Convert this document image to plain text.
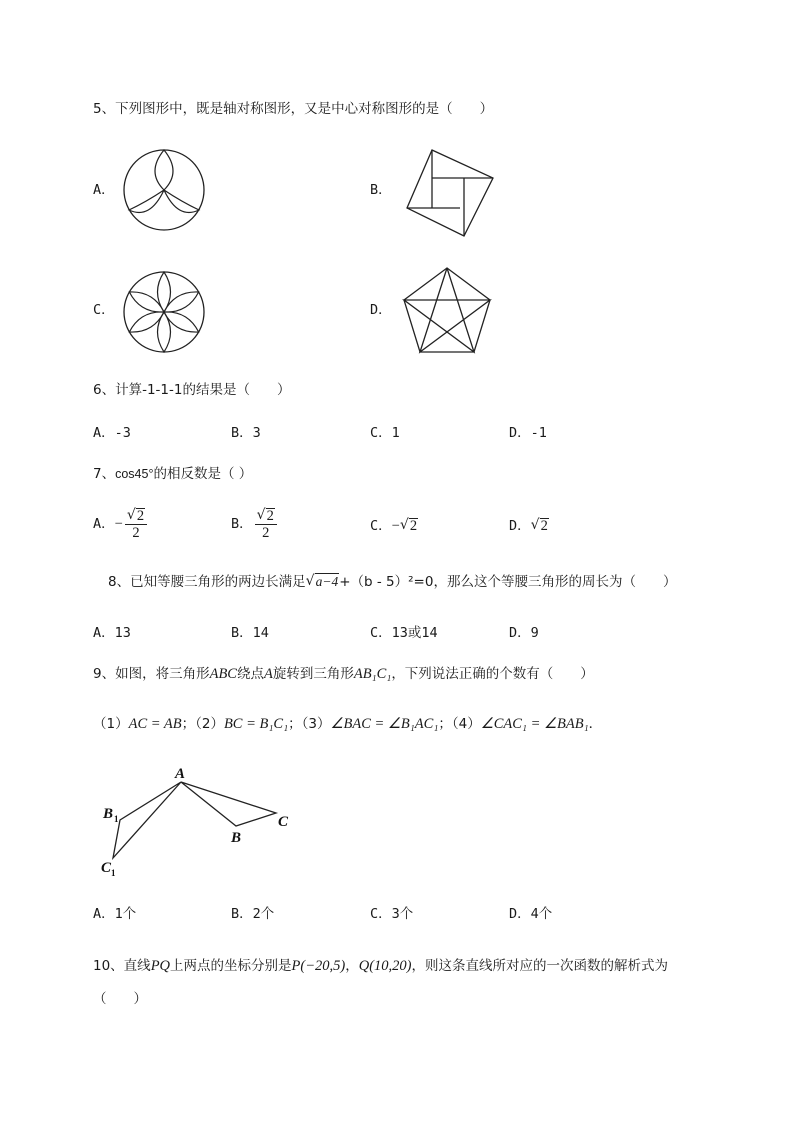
5、下列图形中，既是轴对称图形，又是中心对称图形的是（　　）
A．	B．
C．	D．
6、计算-1-1-1的结果是（　　）
A．-3	B．3	C．1	D．-1
7、cos45°的相反数是（ ）
A．− $\frac{√ 2}{2}$	B． $\frac{√ 2}{2}$	C．− √ 2	D． √ 2
8、已知等腰三角形的两边长满足 √ a−4+（b - 5）²=0，那么这个等腰三角形的周长为（　　）
A．13	B．14	C．13或14	D．9
9、如图，将三角形ABC绕点A旋转到三角形AB₁C₁，下列说法正确的个数有（　　）
（1）AC = AB；（2）BC = B₁C₁；（3）∠BAC = ∠B₁AC₁；（4）∠CAC₁ = ∠BAB₁．
A
B 1
C 1
B
C
A．1个	B．2个	C．3个	D．4个
10、直线PQ上两点的坐标分别是P(−20,5)，Q(10,20)，则这条直线所对应的一次函数的解析式为
（　　）
